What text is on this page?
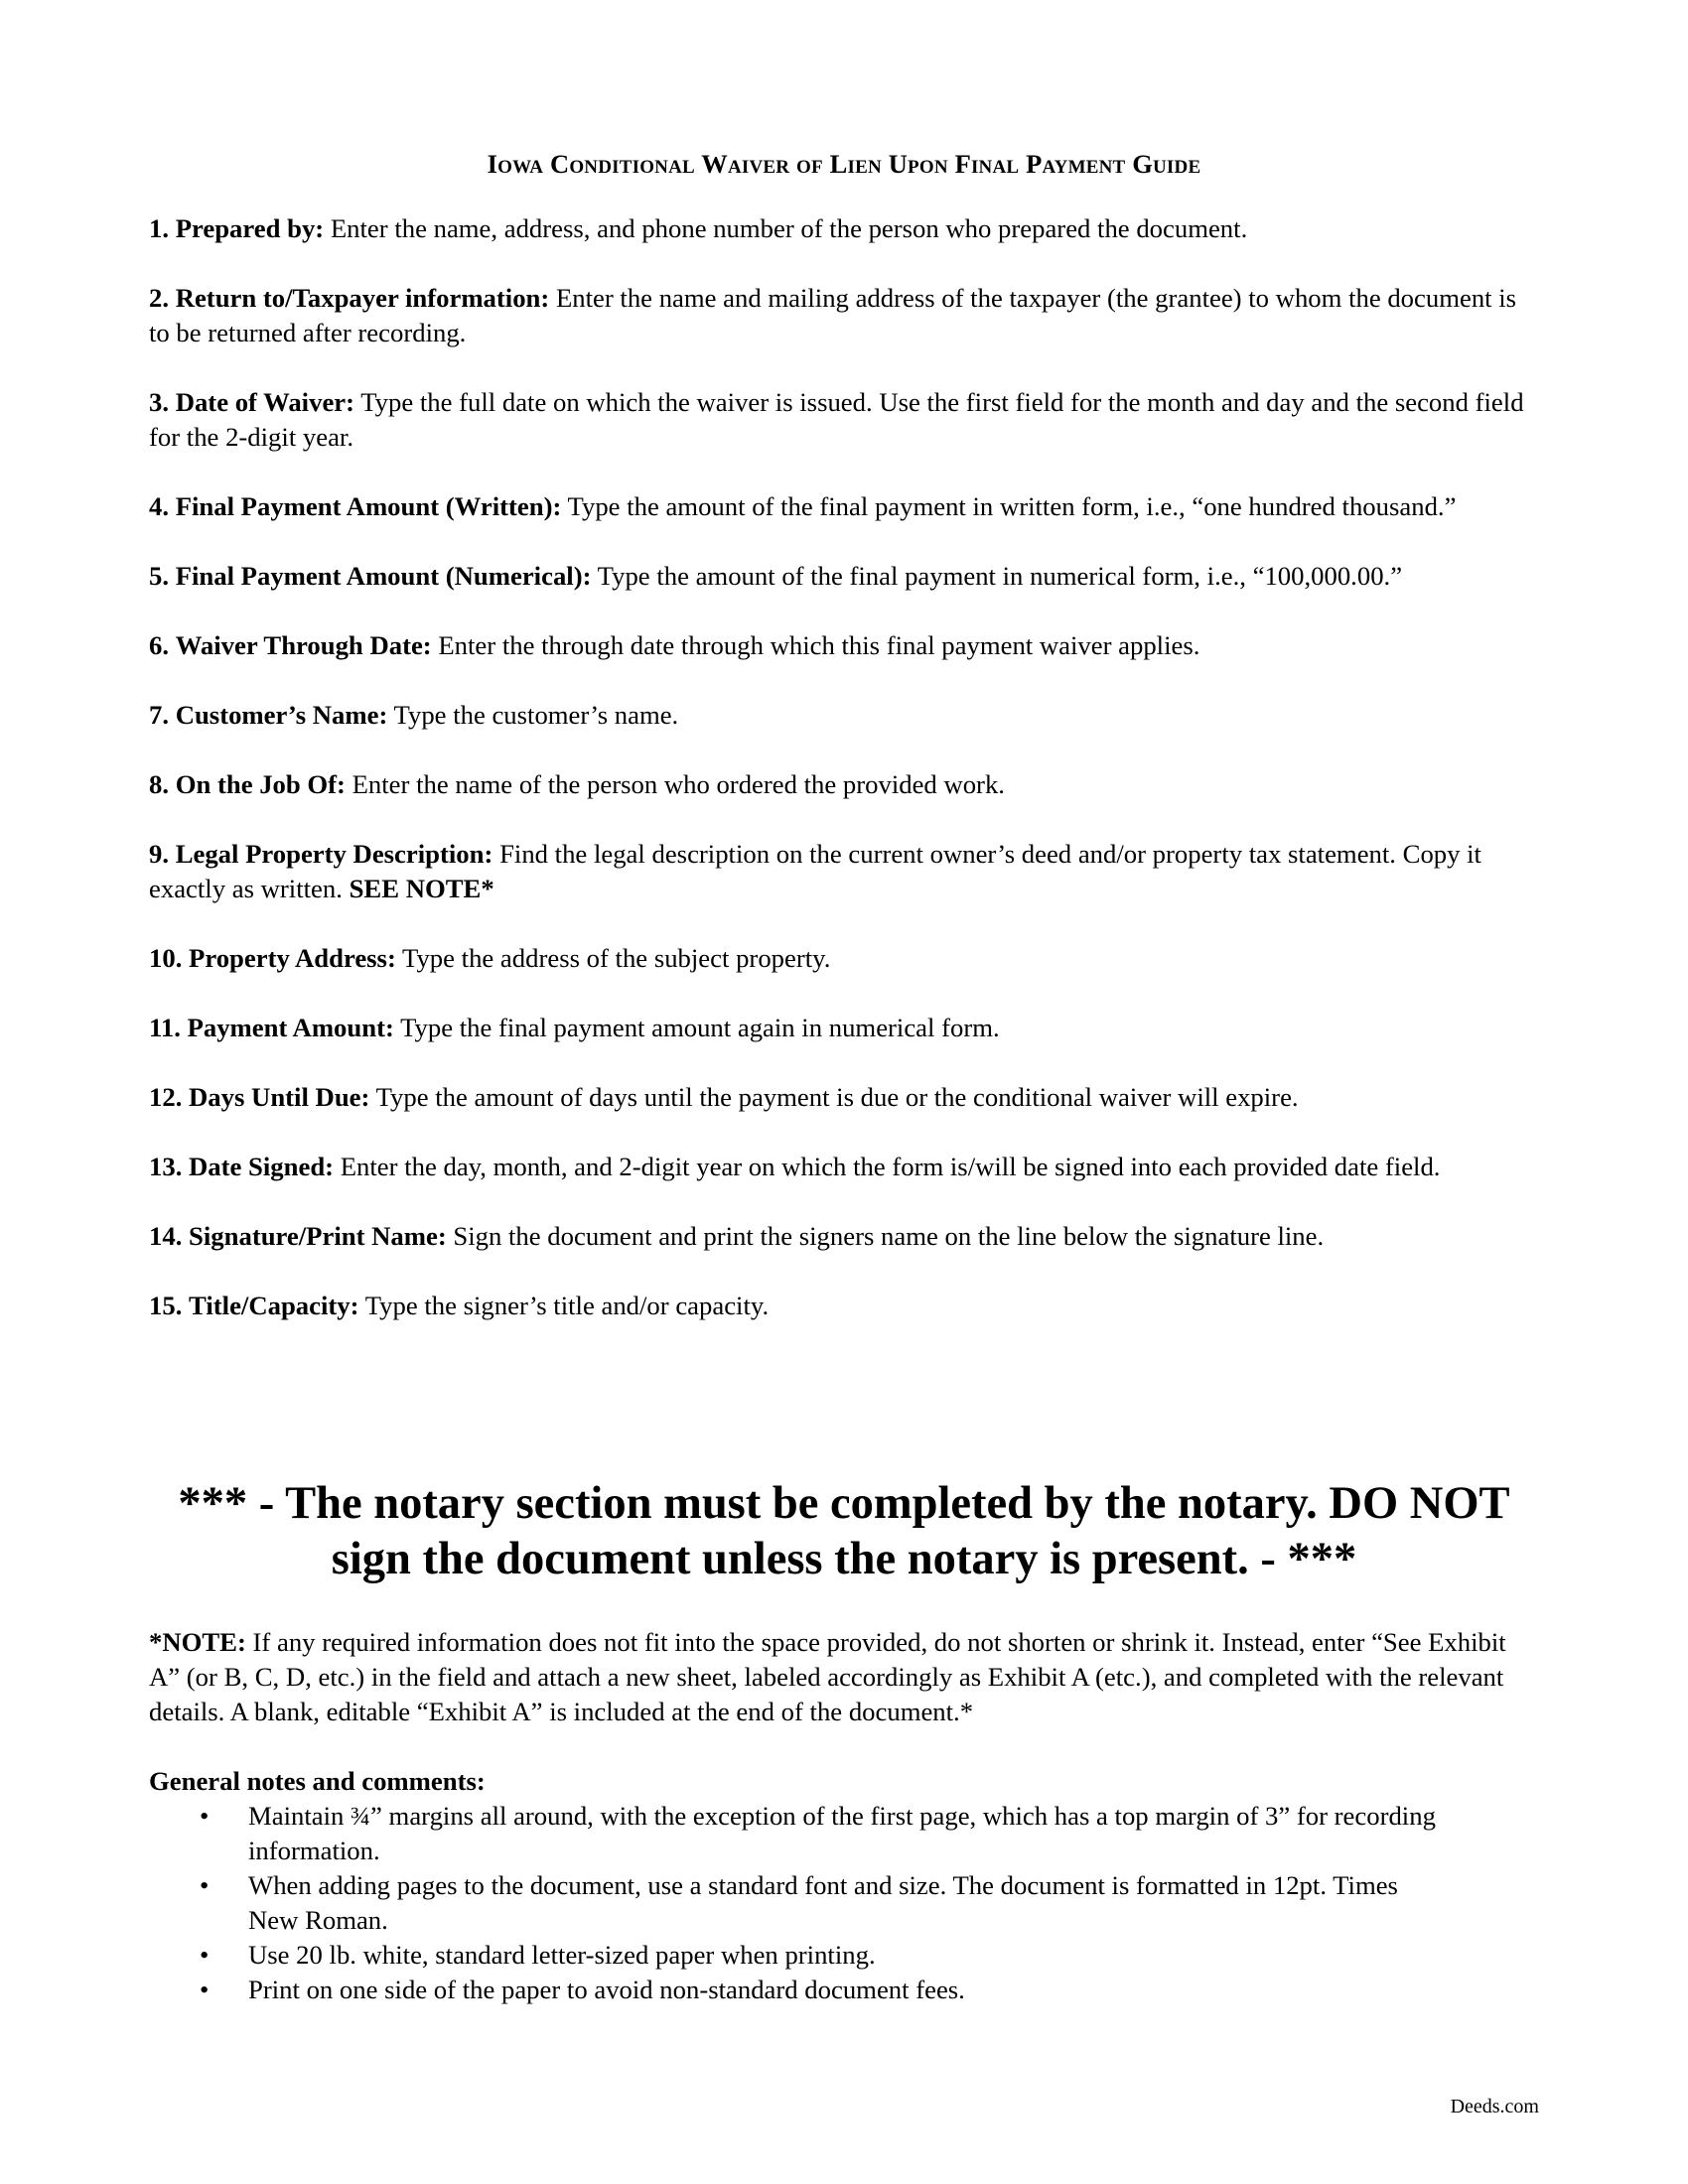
Iowa Conditional Waiver of Lien Upon Final Payment Guide
1. Prepared by: Enter the name, address, and phone number of the person who prepared the document.
2. Return to/Taxpayer information: Enter the name and mailing address of the taxpayer (the grantee) to whom the document is to be returned after recording.
3. Date of Waiver: Type the full date on which the waiver is issued. Use the first field for the month and day and the second field for the 2-digit year.
4. Final Payment Amount (Written): Type the amount of the final payment in written form, i.e., “one hundred thousand.”
5. Final Payment Amount (Numerical): Type the amount of the final payment in numerical form, i.e., “100,000.00.”
6. Waiver Through Date: Enter the through date through which this final payment waiver applies.
7. Customer’s Name: Type the customer’s name.
8. On the Job Of: Enter the name of the person who ordered the provided work.
9. Legal Property Description: Find the legal description on the current owner’s deed and/or property tax statement. Copy it exactly as written. SEE NOTE*
10. Property Address: Type the address of the subject property.
11. Payment Amount: Type the final payment amount again in numerical form.
12. Days Until Due: Type the amount of days until the payment is due or the conditional waiver will expire.
13. Date Signed: Enter the day, month, and 2-digit year on which the form is/will be signed into each provided date field.
14. Signature/Print Name: Sign the document and print the signers name on the line below the signature line.
15. Title/Capacity: Type the signer’s title and/or capacity.

*** - The notary section must be completed by the notary. DO NOT sign the document unless the notary is present. - ***

*NOTE: If any required information does not fit into the space provided, do not shorten or shrink it. Instead, enter “See Exhibit A” (or B, C, D, etc.) in the field and attach a new sheet, labeled accordingly as Exhibit A (etc.), and completed with the relevant details. A blank, editable “Exhibit A” is included at the end of the document.*

General notes and comments:

• Maintain ¾” margins all around, with the exception of the first page, which has a top margin of 3” for recording information.
• When adding pages to the document, use a standard font and size. The document is formatted in 12pt. Times New Roman.
• Use 20 lb. white, standard letter-sized paper when printing.
• Print on one side of the paper to avoid non-standard document fees.

Deeds.com
